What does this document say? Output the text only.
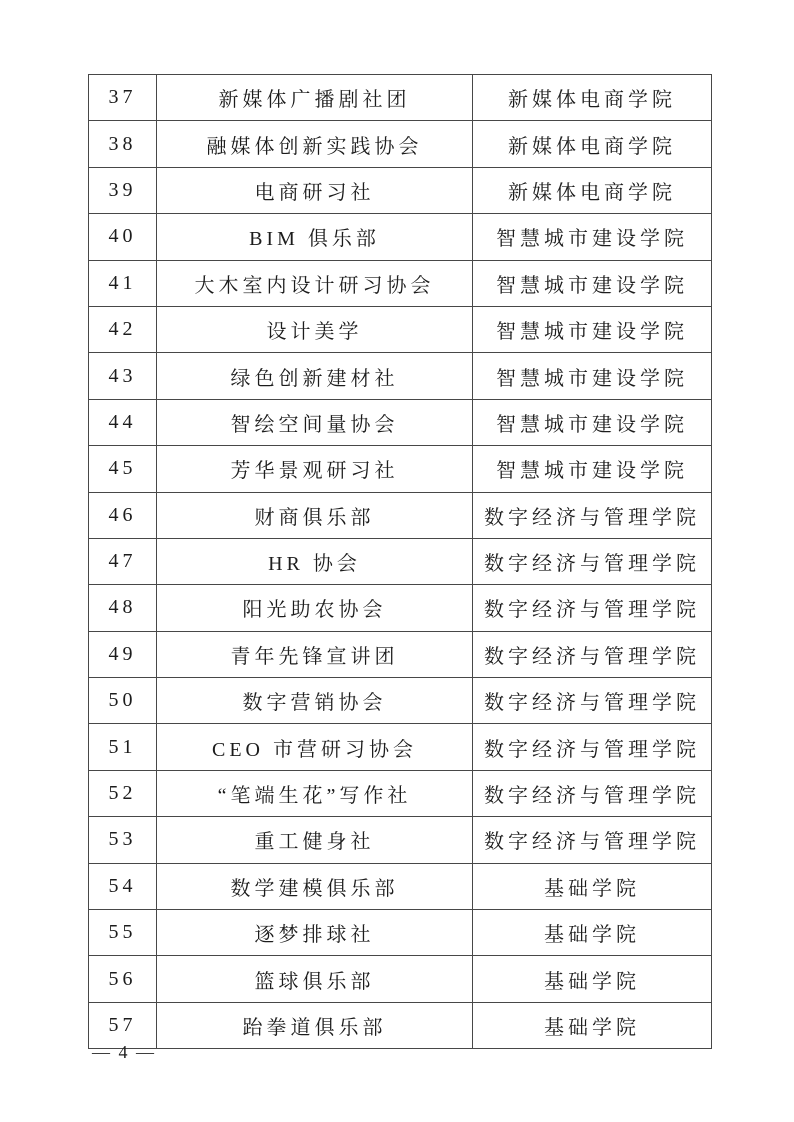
37	新媒体广播剧社团	新媒体电商学院
38	融媒体创新实践协会	新媒体电商学院
39	电商研习社	新媒体电商学院
40	BIM 俱乐部	智慧城市建设学院
41	大木室内设计研习协会	智慧城市建设学院
42	设计美学	智慧城市建设学院
43	绿色创新建材社	智慧城市建设学院
44	智绘空间量协会	智慧城市建设学院
45	芳华景观研习社	智慧城市建设学院
46	财商俱乐部	数字经济与管理学院
47	HR 协会	数字经济与管理学院
48	阳光助农协会	数字经济与管理学院
49	青年先锋宣讲团	数字经济与管理学院
50	数字营销协会	数字经济与管理学院
51	CEO 市营研习协会	数字经济与管理学院
52	“笔端生花”写作社	数字经济与管理学院
53	重工健身社	数字经济与管理学院
54	数学建模俱乐部	基础学院
55	逐梦排球社	基础学院
56	篮球俱乐部	基础学院
57	跆拳道俱乐部	基础学院
— 4 —
